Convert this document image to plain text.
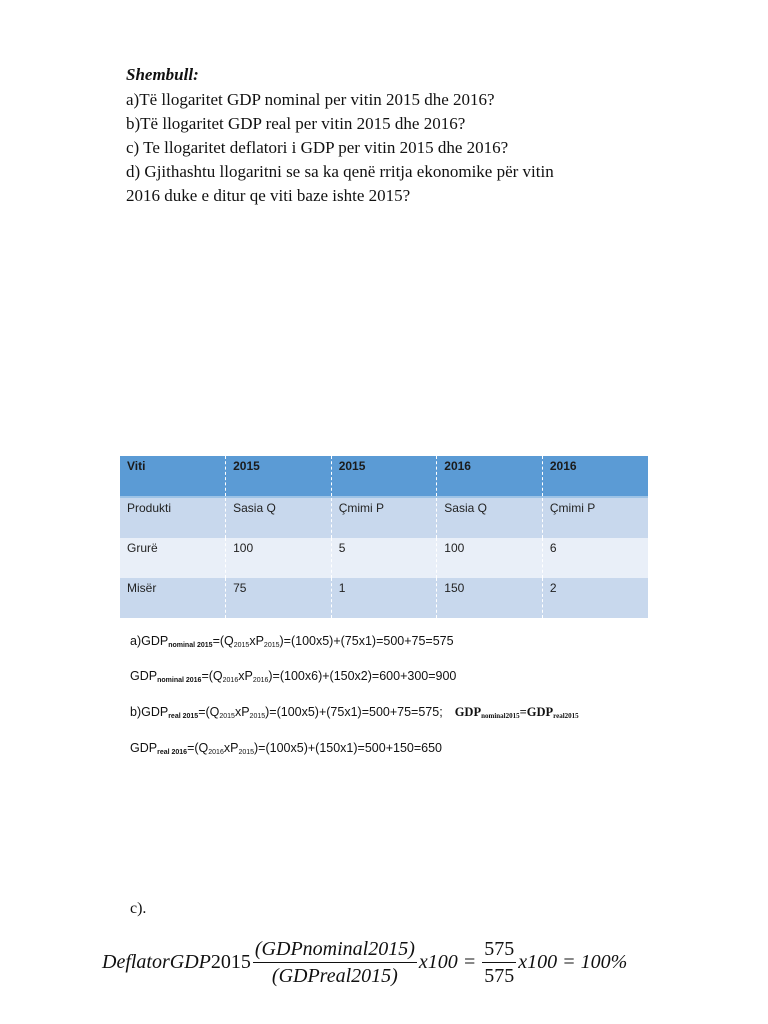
Shembull:
a)Të llogaritet GDP nominal per vitin 2015 dhe 2016?
b)Të llogaritet GDP real per vitin 2015 dhe 2016?
c) Te llogaritet deflatori i GDP per vitin 2015 dhe 2016?
d) Gjithashtu llogaritni se sa ka qenë rritja ekonomike për vitin
2016 duke e ditur qe viti baze ishte 2015?
Viti	2015	2015	2016	2016
Produkti	Sasia Q	Çmimi P	Sasia Q	Çmimi P
Grurë	100	5	100	6
Misër	75	1	150	2
$a)GDP_{nominal 2015}=(Q_{2015}xP_{2015})=(100x5)+(75x1)=500+75=575$
$GDP_{nominal 2016}=(Q_{2016}xP_{2016})=(100x6)+(150x2)=600+300=900$
$b)GDP_{real 2015}=(Q_{2015}xP_{2015})=(100x5)+(75x1)=500+75=575$; $GDP_{nominal2015}=GDP_{real2015}$
$GDP_{real 2016}=(Q_{2016}xP_{2015})=(100x5)+(150x1)=500+150=650$
c).
DeflatorGDP $2015 \frac{\text{(GDPnominal2015)}}{\text{(GDPreal2015)}} x100 = \frac{575}{575} x100 = 100\%$
